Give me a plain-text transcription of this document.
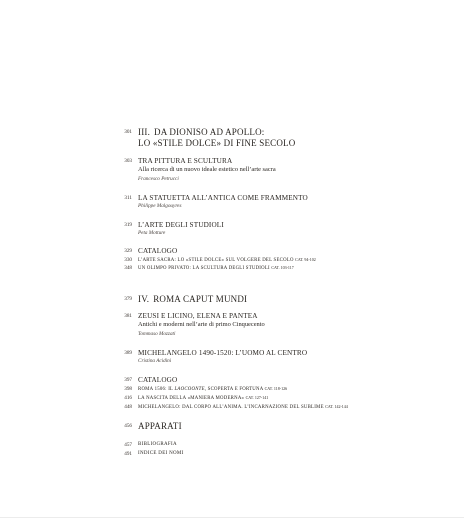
301 III. DA DIONISO AD APOLLO:
LO «STILE DOLCE» DI FINE SECOLO
303 TRA PITTURA E SCULTURA
Alla ricerca di un nuovo ideale estetico nell’arte sacra
Francesco Petrucci
311 LA STATUETTA ALL’ANTICA COME FRAMMENTO
Philippe Malgouyres
319 L’ARTE DEGLI STUDIOLI
Peta Motture
329 CATALOGO
330 L’ARTE SACRA: LO «STILE DOLCE» SUL VOLGERE DEL SECOLO CAT. 94-102
348 UN OLIMPO PRIVATO: LA SCULTURA DEGLI STUDIOLI CAT. 103-117
379 IV. ROMA CAPUT MUNDI
381 ZEUSI E LICINO, ELENA E PANTEA
Antichi e moderni nell’arte di primo Cinquecento
Tommaso Mozzati
389 MICHELANGELO 1490-1520: L’UOMO AL CENTRO
Cristina Acidini
397 CATALOGO
398 ROMA 1506: IL LAOCOONTE, SCOPERTA E FORTUNA CAT. 118-126
416 LA NASCITA DELLA «MANIERA MODERNA» CAT. 127-141
448 MICHELANGELO: DAL CORPO ALL’ANIMA. L’INCARNAZIONE DEL SUBLIME CAT. 142-144
456 APPARATI
457 BIBLIOGRAFIA
491 INDICE DEI NOMI
